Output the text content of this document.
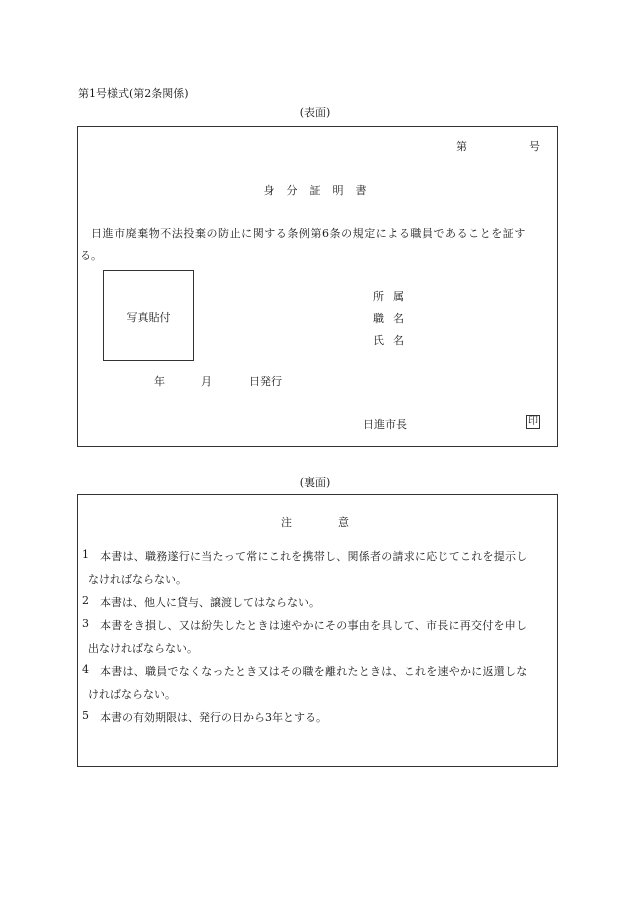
第1号様式(第2条関係)
(表面)
第	号
身分証明書
日進市廃棄物不法投棄の防止に関する条例第6条の規定による職員であることを証す
る。
写真貼付
所属
職名
氏名
年	月	日発行
日進市長	印
(裏面)
注意
1 本書は、職務遂行に当たって常にこれを携帯し、関係者の請求に応じてこれを提示し
なければならない。
2 本書は、他人に貸与、譲渡してはならない。
3 本書をき損し、又は紛失したときは速やかにその事由を具して、市長に再交付を申し
出なければならない。
4 本書は、職員でなくなったとき又はその職を離れたときは、これを速やかに返還しな
ければならない。
5 本書の有効期限は、発行の日から3年とする。
